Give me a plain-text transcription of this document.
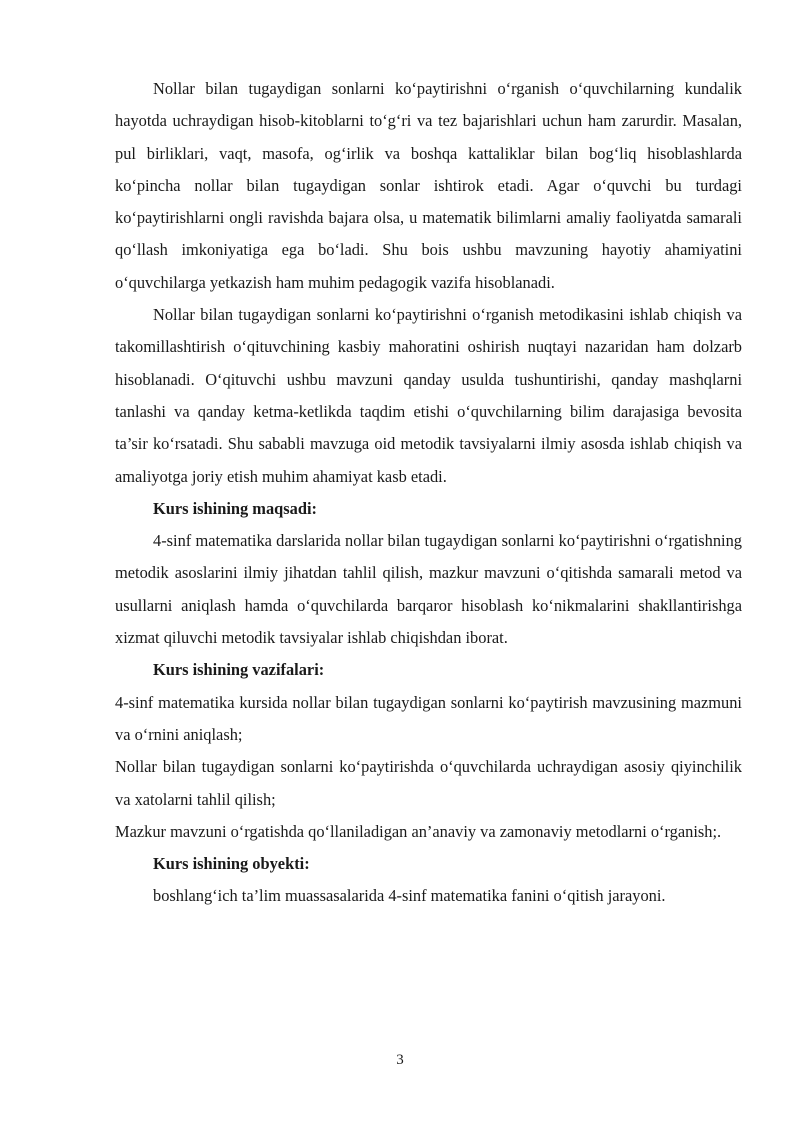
Nollar bilan tugaydigan sonlarni ko‘paytirishni o‘rganish o‘quvchilarning kundalik hayotda uchraydigan hisob-kitoblarni to‘g‘ri va tez bajarishlari uchun ham zarurdir. Masalan, pul birliklari, vaqt, masofa, og‘irlik va boshqa kattaliklar bilan bog‘liq hisoblashlarda ko‘pincha nollar bilan tugaydigan sonlar ishtirok etadi. Agar o‘quvchi bu turdagi ko‘paytirishlarni ongli ravishda bajara olsa, u matematik bilimlarni amaliy faoliyatda samarali qo‘llash imkoniyatiga ega bo‘ladi. Shu bois ushbu mavzuning hayotiy ahamiyatini o‘quvchilarga yetkazish ham muhim pedagogik vazifa hisoblanadi.

Nollar bilan tugaydigan sonlarni ko‘paytirishni o‘rganish metodikasini ishlab chiqish va takomillashtirish o‘qituvchining kasbiy mahoratini oshirish nuqtayi nazaridan ham dolzarb hisoblanadi. O‘qituvchi ushbu mavzuni qanday usulda tushuntirishi, qanday mashqlarni tanlashi va qanday ketma-ketlikda taqdim etishi o‘quvchilarning bilim darajasiga bevosita ta’sir ko‘rsatadi. Shu sababli mavzuga oid metodik tavsiyalarni ilmiy asosda ishlab chiqish va amaliyotga joriy etish muhim ahamiyat kasb etadi.

Kurs ishining maqsadi:

4-sinf matematika darslarida nollar bilan tugaydigan sonlarni ko‘paytirishni o‘rgatishning metodik asoslarini ilmiy jihatdan tahlil qilish, mazkur mavzuni o‘qitishda samarali metod va usullarni aniqlash hamda o‘quvchilarda barqaror hisoblash ko‘nikmalarini shakllantirishga xizmat qiluvchi metodik tavsiyalar ishlab chiqishdan iborat.

Kurs ishining vazifalari:

4-sinf matematika kursida nollar bilan tugaydigan sonlarni ko‘paytirish mavzusining mazmuni va o‘rnini aniqlash;

Nollar bilan tugaydigan sonlarni ko‘paytirishda o‘quvchilarda uchraydigan asosiy qiyinchilik va xatolarni tahlil qilish;

Mazkur mavzuni o‘rgatishda qo‘llaniladigan an’anaviy va zamonaviy metodlarni o‘rganish;.

Kurs ishining obyekti:

boshlang‘ich ta’lim muassasalarida 4-sinf matematika fanini o‘qitish jarayoni.

3
